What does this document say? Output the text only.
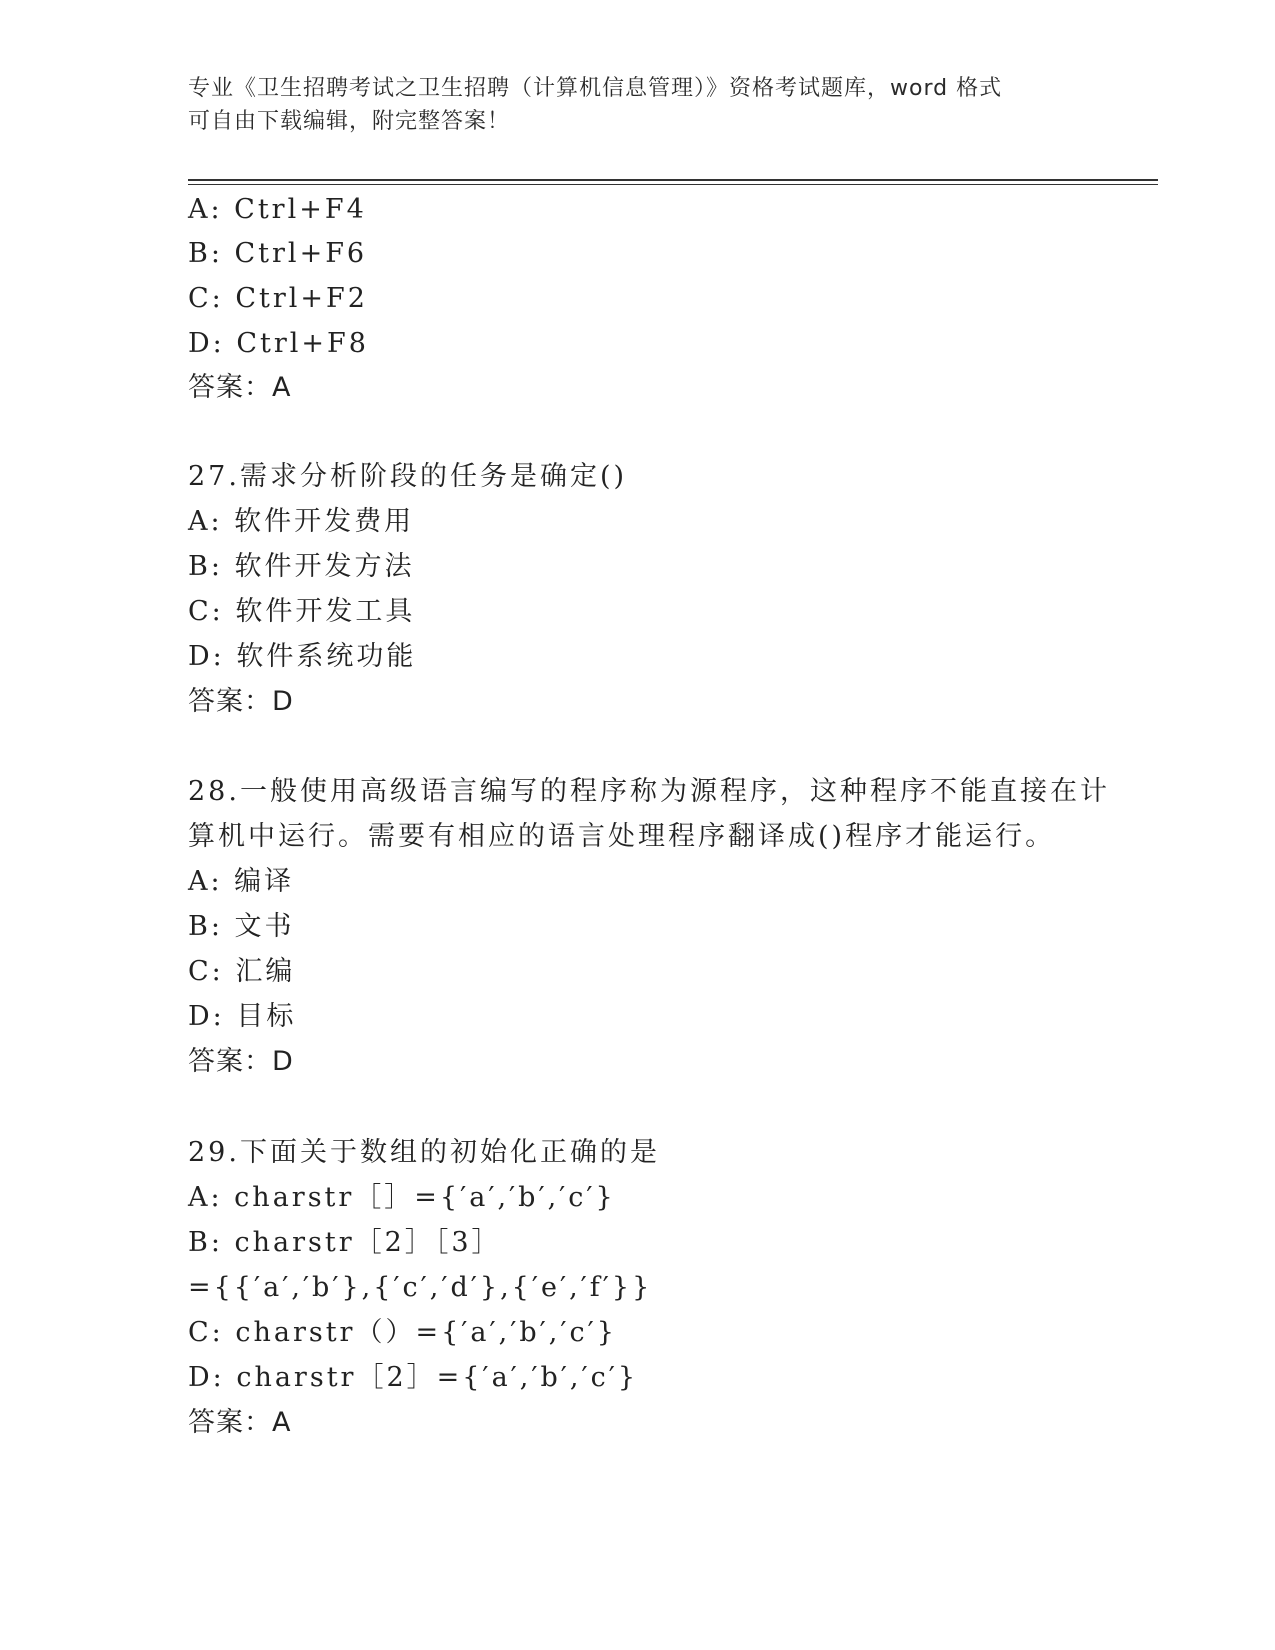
专业《卫生招聘考试之卫生招聘（计算机信息管理）》资格考试题库，word 格式
可自由下载编辑，附完整答案！
A: Ctrl+F4
B: Ctrl+F6
C: Ctrl+F2
D: Ctrl+F8
答案：A
27.需求分析阶段的任务是确定()
A: 软件开发费用
B: 软件开发方法
C: 软件开发工具
D: 软件系统功能
答案：D
28.一般使用高级语言编写的程序称为源程序，这种程序不能直接在计
算机中运行。需要有相应的语言处理程序翻译成()程序才能运行。
A: 编译
B: 文书
C: 汇编
D: 目标
答案：D
29.下面关于数组的初始化正确的是
A: charstr［］={′a′,′b′,′c′}
B: charstr［2］［3］
={{′a′,′b′},{′c′,′d′},{′e′,′f′}}
C: charstr（）={′a′,′b′,′c′}
D: charstr［2］={′a′,′b′,′c′}
答案：A
